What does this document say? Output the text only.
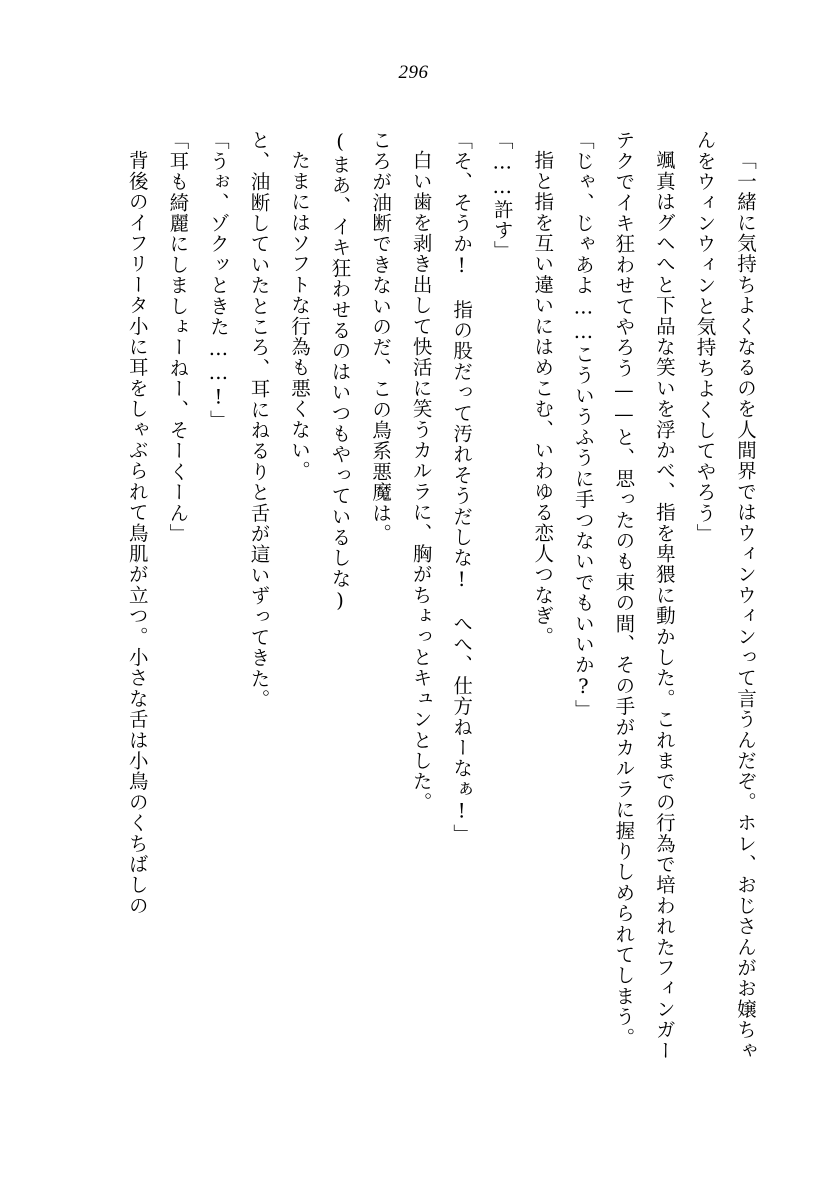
296

「一緒に気持ちよくなるのを人間界ではウィンウィンって言うんだぞ。ホレ、おじさんがお嬢ちゃんをウィンウィンと気持ちよくしてやろう」

颯真はグヘへと下品な笑いを浮かべ、指を卑猥に動かした。これまでの行為で培われたフィンガーテクでイキ狂わせてやろう——と、思ったのも束の間、その手がカルラに握りしめられてしまう。

「じゃ、じゃあよ……こういうふうに手つないでもいいか?」

指と指を互い違いにはめこむ、いわゆる恋人つなぎ。

「……許す」

「そ、そうか!　指の股だって汚れそうだしな!　へへ、仕方ねーなぁ!」

白い歯を剥き出して快活に笑うカルラに、胸がちょっとキュンとした。

ころが油断できないのだ、この鳥系悪魔は。

(まあ、イキ狂わせるのはいつもやっているしな)

たまにはソフトな行為も悪くない。

と、油断していたところ、耳にねるりと舌が這いずってきた。

「うぉ、ゾクッときた……!」

「耳も綺麗にしましょーねー、そーくーん」

背後のイフリータ小に耳をしゃぶられて鳥肌が立つ。小さな舌は小鳥のくちばしの
